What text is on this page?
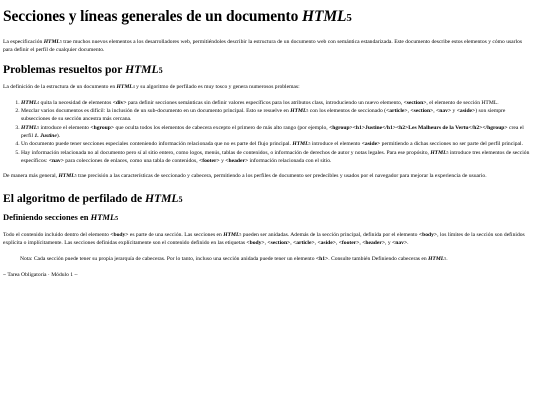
Secciones y líneas generales de un documento $HTML_5$

La especificación $HTML_5$ trae muchos nuevos elementos a los desarrolladores web, permitiéndoles describir la estructura de un documento web con semántica estandarizada. Este documento describe estos elementos y cómo usarlos para definir el perfil de cualquier documento.

Problemas resueltos por $HTML_5$

La definición de la estructura de un documento en $HTML_4$ y su algoritmo de perfilado es muy tosco y genera numerosos problemas:

1. $HTML_4$ quita la necesidad de elementos <div> para definir secciones semánticas sin definir valores específicos para los atributos class, introduciendo un nuevo elemento, <section>, el elemento de sección HTML.
2. Mezclar varios documentos es difícil: la inclusión de un sub-documento en un documento principal. Esto se resuelve en $HTML_5$ con los elementos de seccionado (<article>, <section>, <nav> y <aside>) son siempre subsecciones de su sección ancestra más cercana.
3. $HTML_5$ introduce el elemento <hgroup> que oculta todos los elementos de cabecera excepto el primero de más alto rango (por ejemplo, <hgroup><h1>Justine</h1><h2>Les Malheurs de la Vertu</h2></hgroup> crea el perfil 1. Justine).
4. Un documento puede tener secciones especiales conteniendo información relacionada que no es parte del flujo principal. $HTML_5$ introduce el elemento <aside> permitiendo a dichas secciones no ser parte del perfil principal.
5. Hay información relacionada no al documento pero sí al sitio entero, como logos, menús, tablas de contenidos, o información de derechos de autor y notas legales. Para ese propósito, $HTML_5$ introduce tres elementos de sección específicos: <nav> para colecciones de enlaces, como una tabla de contenidos, <footer> y <header> información relacionada con el sitio.

De manera más general, $HTML_5$ trae precisión a las características de seccionado y cabecera, permitiendo a los perfiles de documento ser predecibles y usados por el navegador para mejorar la experiencia de usuario.

El algoritmo de perfilado de $HTML_5$
Definiendo secciones en $HTML_5$

Todo el contenido incluido dentro del elemento <body> es parte de una sección. Las secciones en $HTML_5$ pueden ser anidadas. Además de la sección principal, definida por el elemento <body>, los límites de la sección son definidos explícita o implícitamente. Las secciones definidas explícitamente son el contenido definido en las etiquetas <body>, <section>, <article>, <aside>, <footer>, <header>, y <nav>.

Nota: Cada sección puede tener su propia jerarquía de cabeceras. Por lo tanto, incluso una sección anidada puede tener un elemento <h1>. Consulte también Definiendo cabeceras en $HTML_5$.

~ Tarea Obligatoria · Módulo 1 ~
